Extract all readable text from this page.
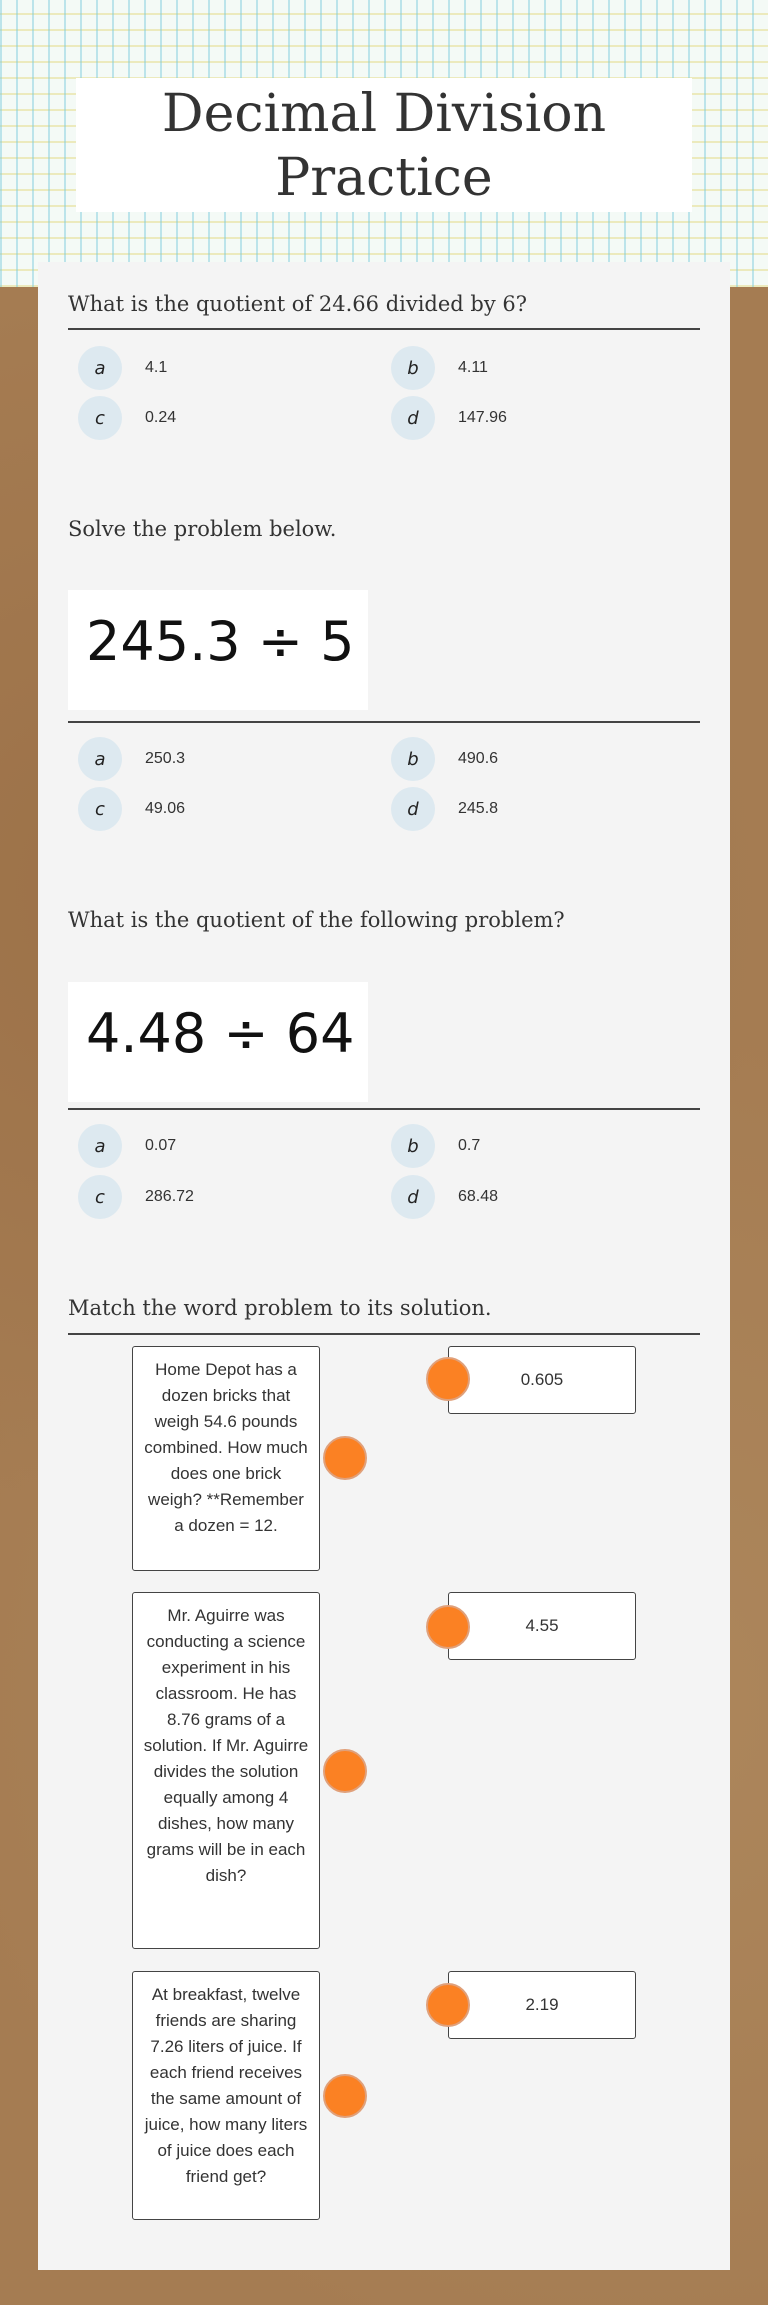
Decimal Division Practice
What is the quotient of 24.66 divided by 6?
a	4.1	b	4.11
c	0.24	d	147.96
Solve the problem below.
245.3 ÷ 5
a	250.3	b	490.6
c	49.06	d	245.8
What is the quotient of the following problem?
4.48 ÷ 64
a	0.07	b	0.7
c	286.72	d	68.48
Match the word problem to its solution.
Home Depot has a dozen bricks that weigh 54.6 pounds combined. How much does one brick weigh? **Remember a dozen = 12.
Mr. Aguirre was conducting a science experiment in his classroom. He has 8.76 grams of a solution. If Mr. Aguirre divides the solution equally among 4 dishes, how many grams will be in each dish?
At breakfast, twelve friends are sharing 7.26 liters of juice. If each friend receives the same amount of juice, how many liters of juice does each friend get?
0.605
4.55
2.19
